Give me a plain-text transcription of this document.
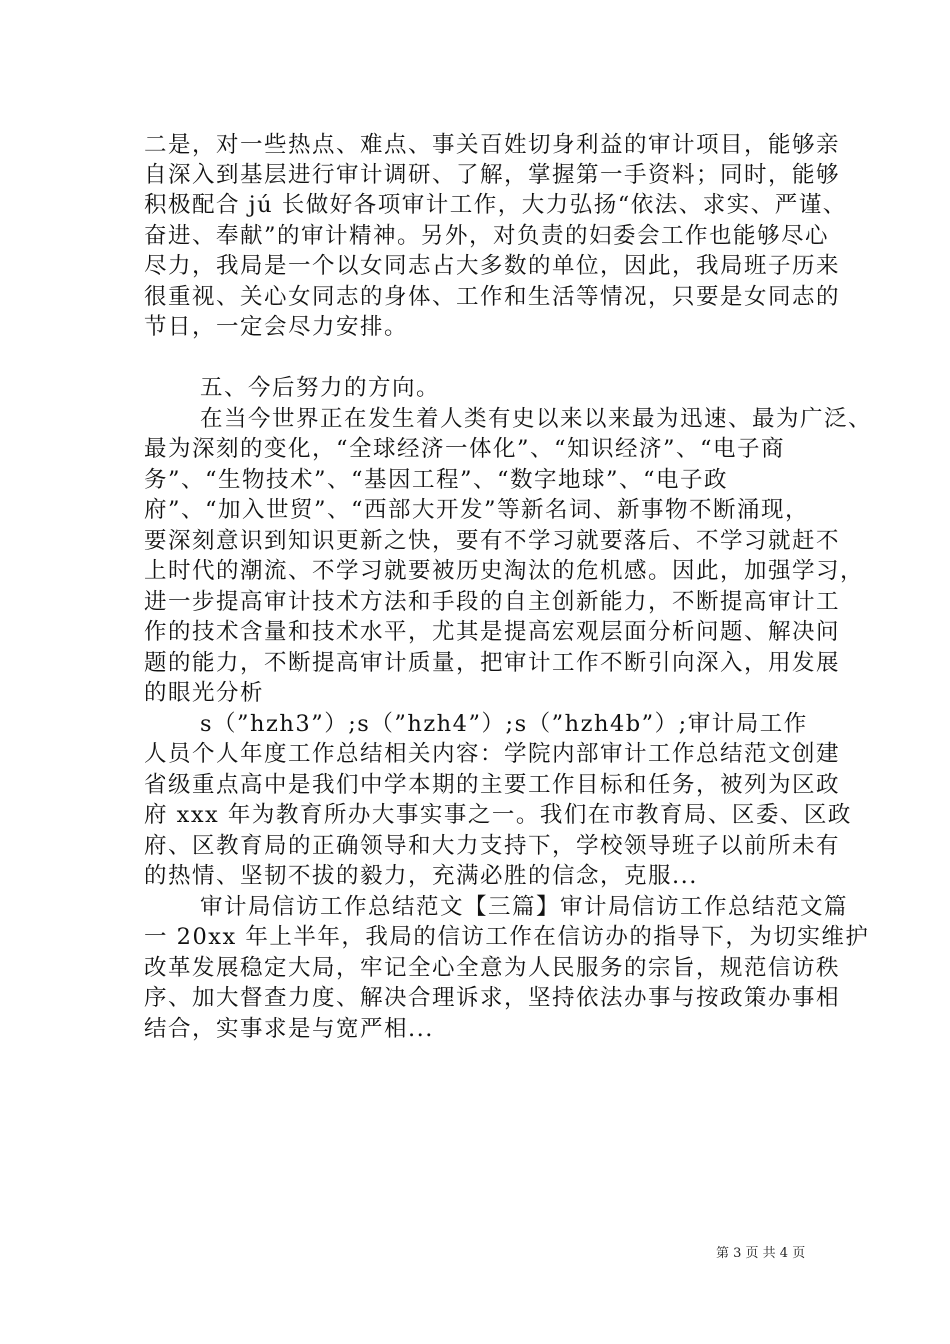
二是，对一些热点、难点、事关百姓切身利益的审计项目，能够亲
自深入到基层进行审计调研、了解，掌握第一手资料；同时，能够
积极配合 jú 长做好各项审计工作，大力弘扬“依法、求实、严谨、
奋进、奉献”的审计精神。另外，对负责的妇委会工作也能够尽心
尽力，我局是一个以女同志占大多数的单位，因此，我局班子历来
很重视、关心女同志的身体、工作和生活等情况，只要是女同志的
节日，一定会尽力安排。
五、今后努力的方向。
在当今世界正在发生着人类有史以来以来最为迅速、最为广泛、
最为深刻的变化，“全球经济一体化”、“知识经济”、“电子商
务”、“生物技术”、“基因工程”、“数字地球”、“电子政
府”、“加入世贸”、“西部大开发”等新名词、新事物不断涌现，
要深刻意识到知识更新之快，要有不学习就要落后、不学习就赶不
上时代的潮流、不学习就要被历史淘汰的危机感。因此，加强学习，
进一步提高审计技术方法和手段的自主创新能力，不断提高审计工
作的技术含量和技术水平，尤其是提高宏观层面分析问题、解决问
题的能力，不断提高审计质量，把审计工作不断引向深入，用发展
的眼光分析
s（”hzh3”）;s（”hzh4”）;s（”hzh4b”）;审计局工作
人员个人年度工作总结相关内容：学院内部审计工作总结范文创建
省级重点高中是我们中学本期的主要工作目标和任务，被列为区政
府 xxx 年为教育所办大事实事之一。我们在市教育局、区委、区政
府、区教育局的正确领导和大力支持下，学校领导班子以前所未有
的热情、坚韧不拔的毅力，充满必胜的信念，克服...
审计局信访工作总结范文【三篇】审计局信访工作总结范文篇
一 20xx 年上半年，我局的信访工作在信访办的指导下，为切实维护
改革发展稳定大局，牢记全心全意为人民服务的宗旨，规范信访秩
序、加大督查力度、解决合理诉求，坚持依法办事与按政策办事相
结合，实事求是与宽严相...
第 3 页 共 4 页
